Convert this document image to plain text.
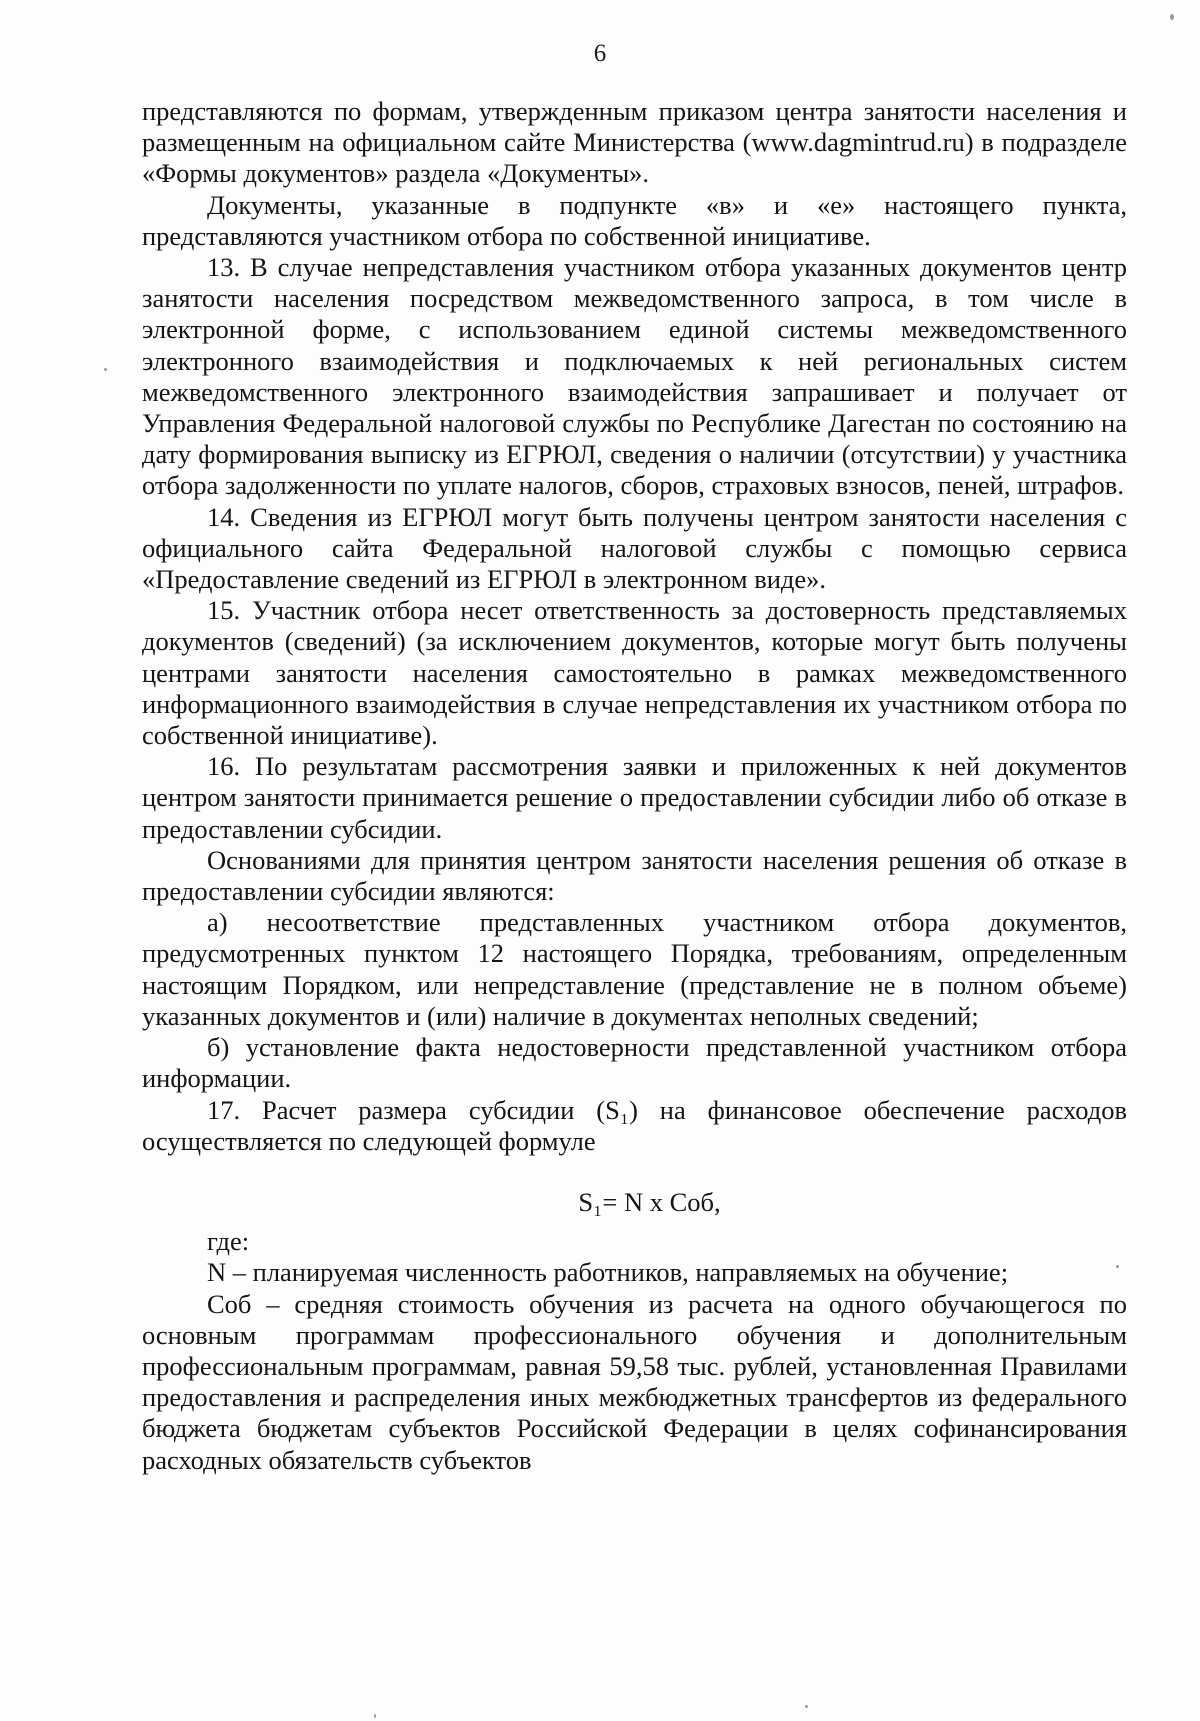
6

представляются по формам, утвержденным приказом центра занятости населения и размещенным на официальном сайте Министерства (www.dagmintrud.ru) в подразделе «Формы документов» раздела «Документы».

Документы, указанные в подпункте «в» и «е» настоящего пункта, представляются участником отбора по собственной инициативе.

13. В случае непредставления участником отбора указанных документов центр занятости населения посредством межведомственного запроса, в том числе в электронной форме, с использованием единой системы межведомственного электронного взаимодействия и подключаемых к ней региональных систем межведомственного электронного взаимодействия запрашивает и получает от Управления Федеральной налоговой службы по Республике Дагестан по состоянию на дату формирования выписку из ЕГРЮЛ, сведения о наличии (отсутствии) у участника отбора задолженности по уплате налогов, сборов, страховых взносов, пеней, штрафов.

14. Сведения из ЕГРЮЛ могут быть получены центром занятости населения с официального сайта Федеральной налоговой службы с помощью сервиса «Предоставление сведений из ЕГРЮЛ в электронном виде».

15. Участник отбора несет ответственность за достоверность представляемых документов (сведений) (за исключением документов, которые могут быть получены центрами занятости населения самостоятельно в рамках межведомственного информационного взаимодействия в случае непредставления их участником отбора по собственной инициативе).

16. По результатам рассмотрения заявки и приложенных к ней документов центром занятости принимается решение о предоставлении субсидии либо об отказе в предоставлении субсидии.

Основаниями для принятия центром занятости населения решения об отказе в предоставлении субсидии являются:

а) несоответствие представленных участником отбора документов, предусмотренных пунктом 12 настоящего Порядка, требованиям, определенным настоящим Порядком, или непредставление (представление не в полном объеме) указанных документов и (или) наличие в документах неполных сведений;

б) установление факта недостоверности представленной участником отбора информации.

17. Расчет размера субсидии (S₁) на финансовое обеспечение расходов осуществляется по следующей формуле

S₁= N x Cоб,

где:

N – планируемая численность работников, направляемых на обучение;

Cоб – средняя стоимость обучения из расчета на одного обучающегося по основным программам профессионального обучения и дополнительным профессиональным программам, равная 59,58 тыс. рублей, установленная Правилами предоставления и распределения иных межбюджетных трансфертов из федерального бюджета бюджетам субъектов Российской Федерации в целях софинансирования расходных обязательств субъектов
